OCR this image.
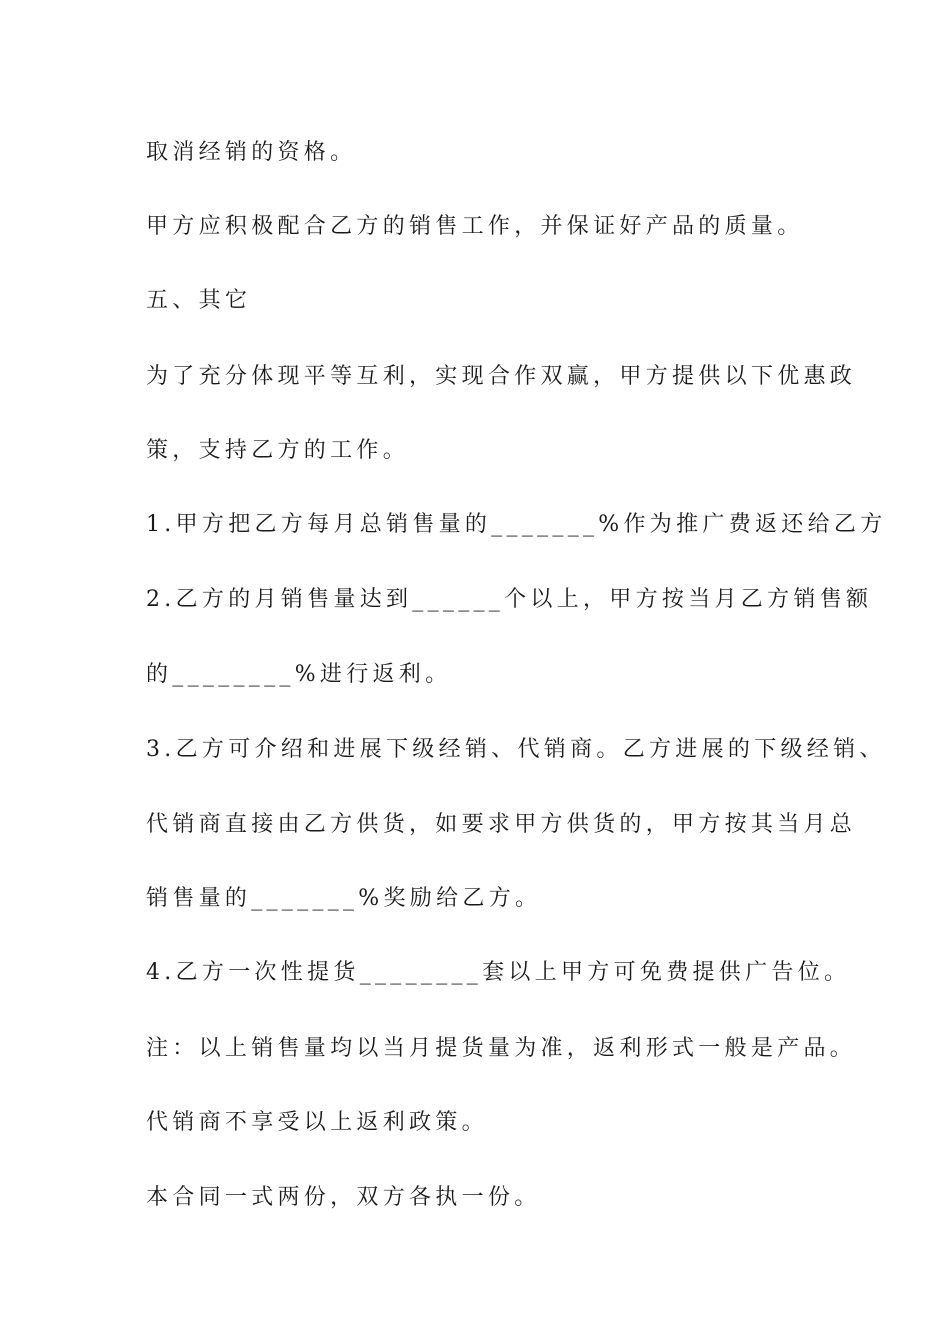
取消经销的资格。
甲方应积极配合乙方的销售工作，并保证好产品的质量。
五、其它
为了充分体现平等互利，实现合作双赢，甲方提供以下优惠政
策，支持乙方的工作。
1.甲方把乙方每月总销售量的_______%作为推广费返还给乙方
2.乙方的月销售量达到______个以上，甲方按当月乙方销售额
的________%进行返利。
3.乙方可介绍和进展下级经销、代销商。乙方进展的下级经销、
代销商直接由乙方供货，如要求甲方供货的，甲方按其当月总
销售量的_______%奖励给乙方。
4.乙方一次性提货________套以上甲方可免费提供广告位。
注：以上销售量均以当月提货量为准，返利形式一般是产品。
代销商不享受以上返利政策。
本合同一式两份，双方各执一份。
